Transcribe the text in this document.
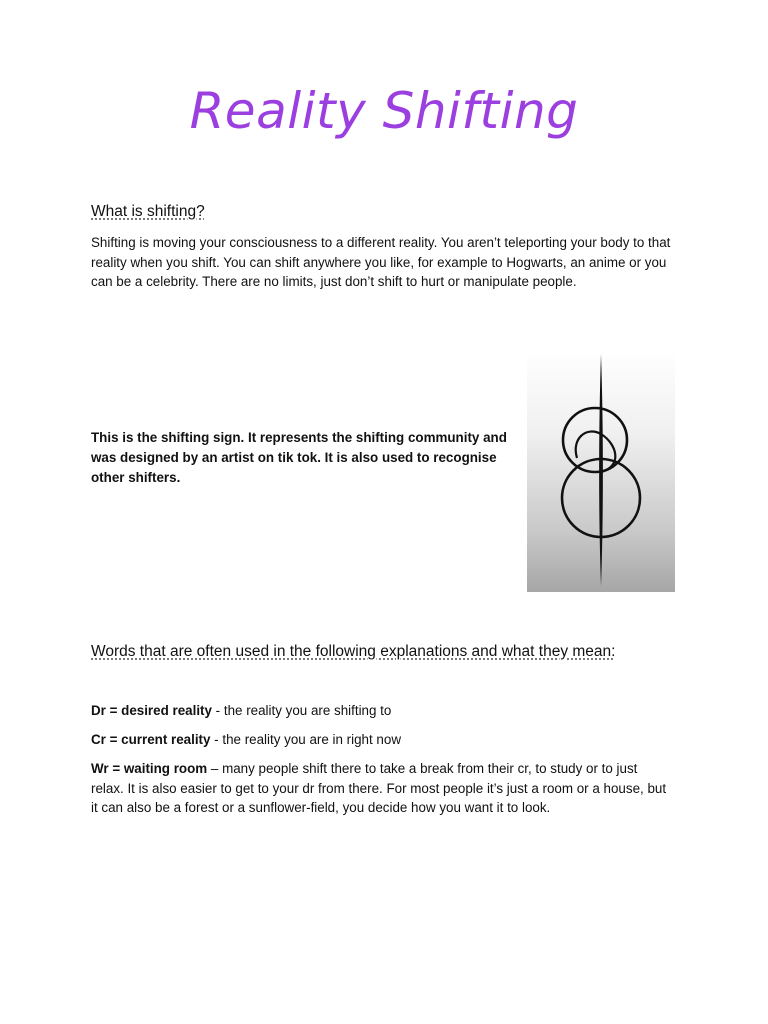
Reality Shifting
What is shifting?
Shifting is moving your consciousness to a different reality. You aren’t teleporting your body to that reality when you shift. You can shift anywhere you like, for example to Hogwarts, an anime or you can be a celebrity. There are no limits, just don’t shift to hurt or manipulate people.
This is the shifting sign. It represents the shifting community and was designed by an artist on tik tok. It is also used to recognise other shifters.
Words that are often used in the following explanations and what they mean:
Dr = desired reality - the reality you are shifting to
Cr = current reality - the reality you are in right now
Wr = waiting room – many people shift there to take a break from their cr, to study or to just relax. It is also easier to get to your dr from there. For most people it’s just a room or a house, but it can also be a forest or a sunflower-field, you decide how you want it to look.
